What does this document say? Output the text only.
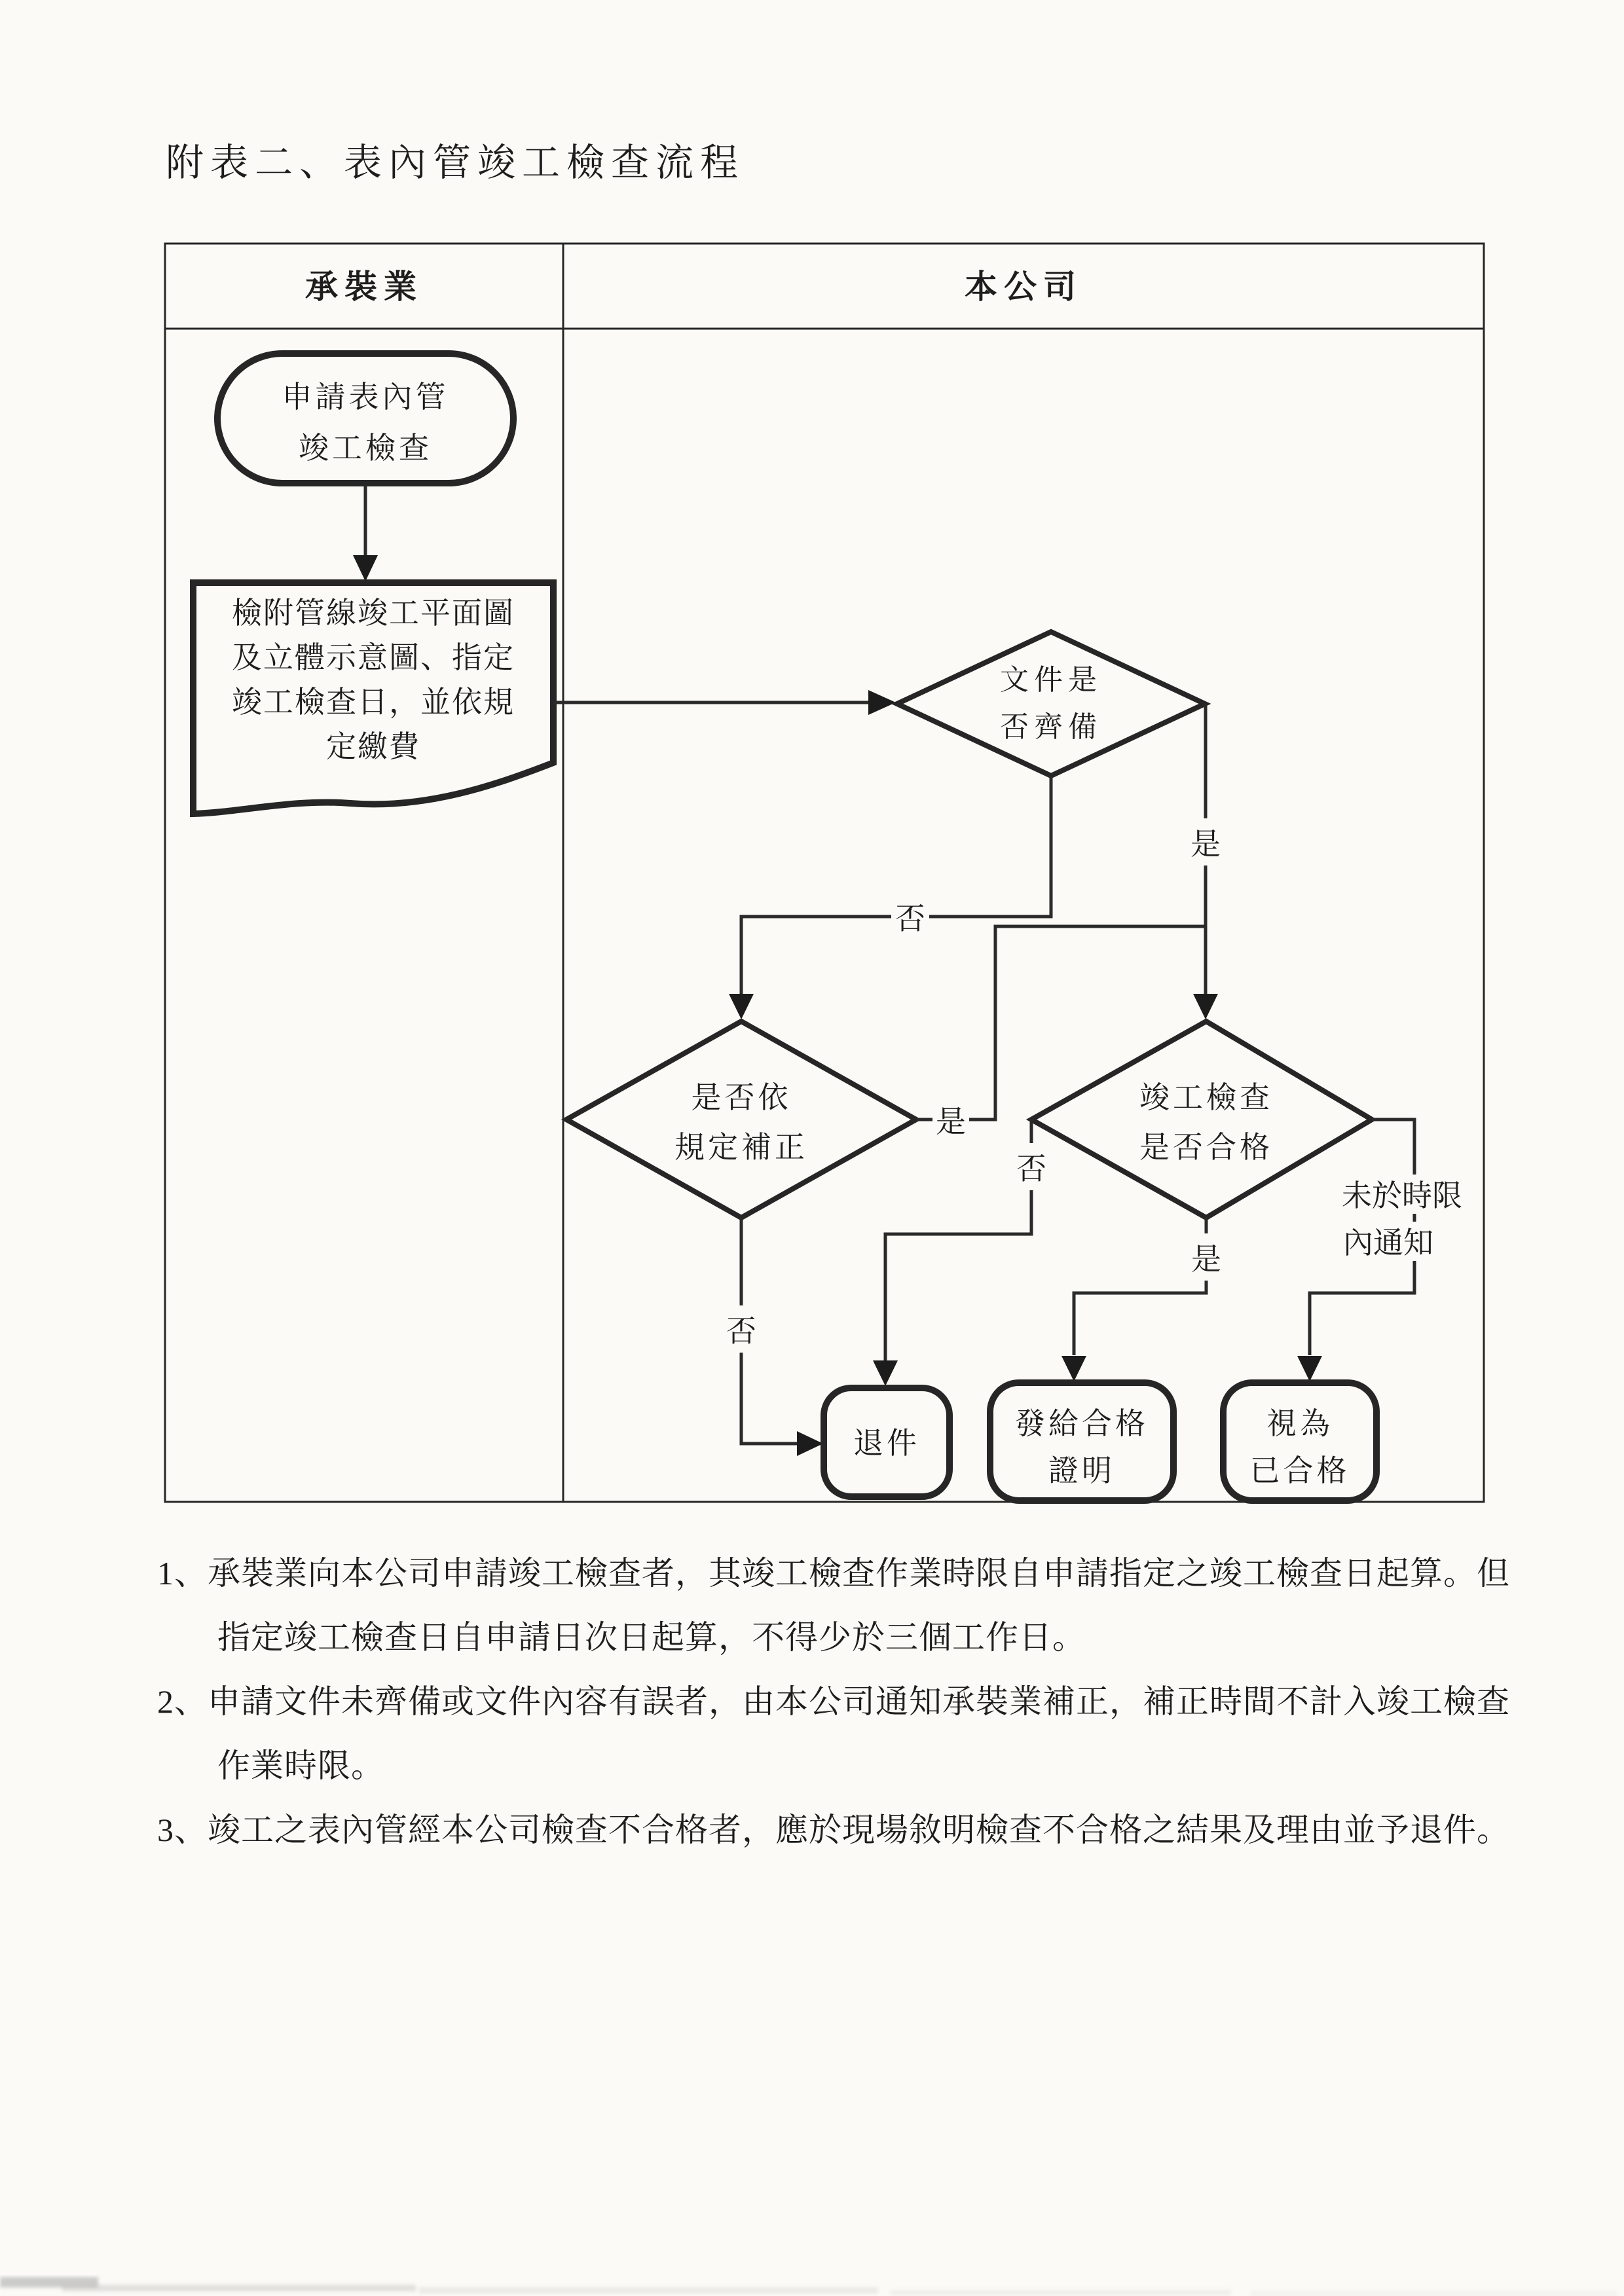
附表二、表內管竣工檢查流程
承裝業	本公司
申請表內管
竣工檢查
檢附管線竣工平面圖
及立體示意圖、指定
竣工檢查日，並依規
定繳費
文件是
否齊備
是
否
是否依
規定補正
竣工檢查
是否合格
是
否
否
是
未於時限
內通知
退件
發給合格
證明
視為
已合格
1、承裝業向本公司申請竣工檢查者，其竣工檢查作業時限自申請指定之竣工檢查日起算。但
指定竣工檢查日自申請日次日起算，不得少於三個工作日。
2、申請文件未齊備或文件內容有誤者，由本公司通知承裝業補正，補正時間不計入竣工檢查
作業時限。
3、竣工之表內管經本公司檢查不合格者，應於現場敘明檢查不合格之結果及理由並予退件。
